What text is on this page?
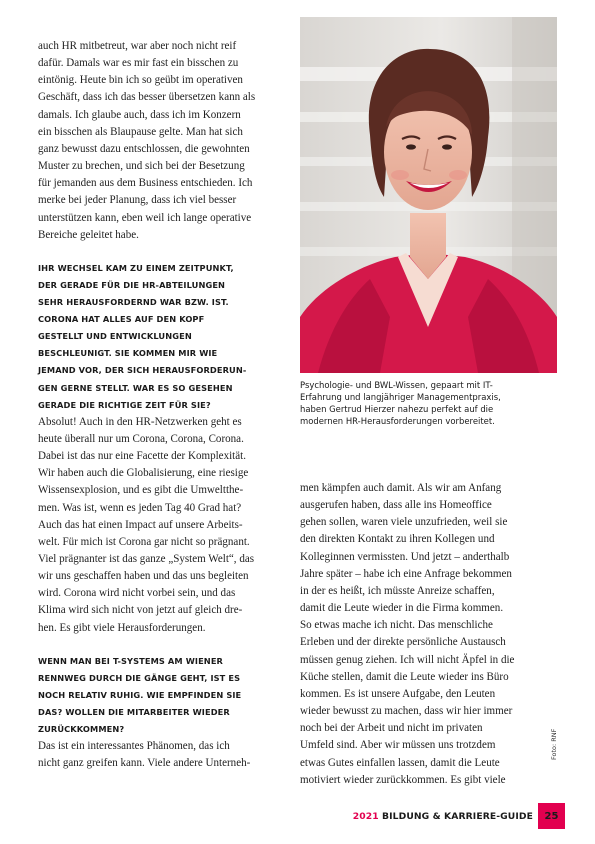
auch HR mitbetreut, war aber noch nicht reif
dafür. Damals war es mir fast ein bisschen zu
eintönig. Heute bin ich so geübt im operativen
Geschäft, dass ich das besser übersetzen kann als
damals. Ich glaube auch, dass ich im Konzern
ein bisschen als Blaupause gelte. Man hat sich
ganz bewusst dazu entschlossen, die gewohnten
Muster zu brechen, und sich bei der Besetzung
für jemanden aus dem Business entschieden. Ich
merke bei jeder Planung, dass ich viel besser
unterstützen kann, eben weil ich lange operative
Bereiche geleitet habe.

IHR WECHSEL KAM ZU EINEM ZEITPUNKT,
DER GERADE FÜR DIE HR-ABTEILUNGEN
SEHR HERAUSFORDERND WAR BZW. IST.
CORONA HAT ALLES AUF DEN KOPF
GESTELLT UND ENTWICKLUNGEN
BESCHLEUNIGT. SIE KOMMEN MIR WIE
JEMAND VOR, DER SICH HERAUSFORDERUN-
GEN GERNE STELLT. WAR ES SO GESEHEN
GERADE DIE RICHTIGE ZEIT FÜR SIE?

Absolut! Auch in den HR-Netzwerken geht es
heute überall nur um Corona, Corona, Corona.
Dabei ist das nur eine Facette der Komplexität.
Wir haben auch die Globalisierung, eine riesige
Wissensexplosion, und es gibt die Umweltthe-
men. Was ist, wenn es jeden Tag 40 Grad hat?
Auch das hat einen Impact auf unsere Arbeits-
welt. Für mich ist Corona gar nicht so prägnant.
Viel prägnanter ist das ganze „System Welt“, das
wir uns geschaffen haben und das uns begleiten
wird. Corona wird nicht vorbei sein, und das
Klima wird sich nicht von jetzt auf gleich dre-
hen. Es gibt viele Herausforderungen.

WENN MAN BEI T-SYSTEMS AM WIENER
RENNWEG DURCH DIE GÄNGE GEHT, IST ES
NOCH RELATIV RUHIG. WIE EMPFINDEN SIE
DAS? WOLLEN DIE MITARBEITER WIEDER
ZURÜCKKOMMEN?

Das ist ein interessantes Phänomen, das ich
nicht ganz greifen kann. Viele andere Unterneh-

Psychologie- und BWL-Wissen, gepaart mit IT-
Erfahrung und langjähriger Managementpraxis,
haben Gertrud Hierzer nahezu perfekt auf die
modernen HR-Herausforderungen vorbereitet.

men kämpfen auch damit. Als wir am Anfang
ausgerufen haben, dass alle ins Homeoffice
gehen sollen, waren viele unzufrieden, weil sie
den direkten Kontakt zu ihren Kollegen und
Kolleginnen vermissten. Und jetzt – anderthalb
Jahre später – habe ich eine Anfrage bekommen
in der es heißt, ich müsste Anreize schaffen,
damit die Leute wieder in die Firma kommen.
So etwas mache ich nicht. Das menschliche
Erleben und der direkte persönliche Austausch
müssen genug ziehen. Ich will nicht Äpfel in die
Küche stellen, damit die Leute wieder ins Büro
kommen. Es ist unsere Aufgabe, den Leuten
wieder bewusst zu machen, dass wir hier immer
noch bei der Arbeit und nicht im privaten
Umfeld sind. Aber wir müssen uns trotzdem
etwas Gutes einfallen lassen, damit die Leute
motiviert wieder zurückkommen. Es gibt viele

Foto: RNF
2021 BILDUNG & KARRIERE-GUIDE	25
